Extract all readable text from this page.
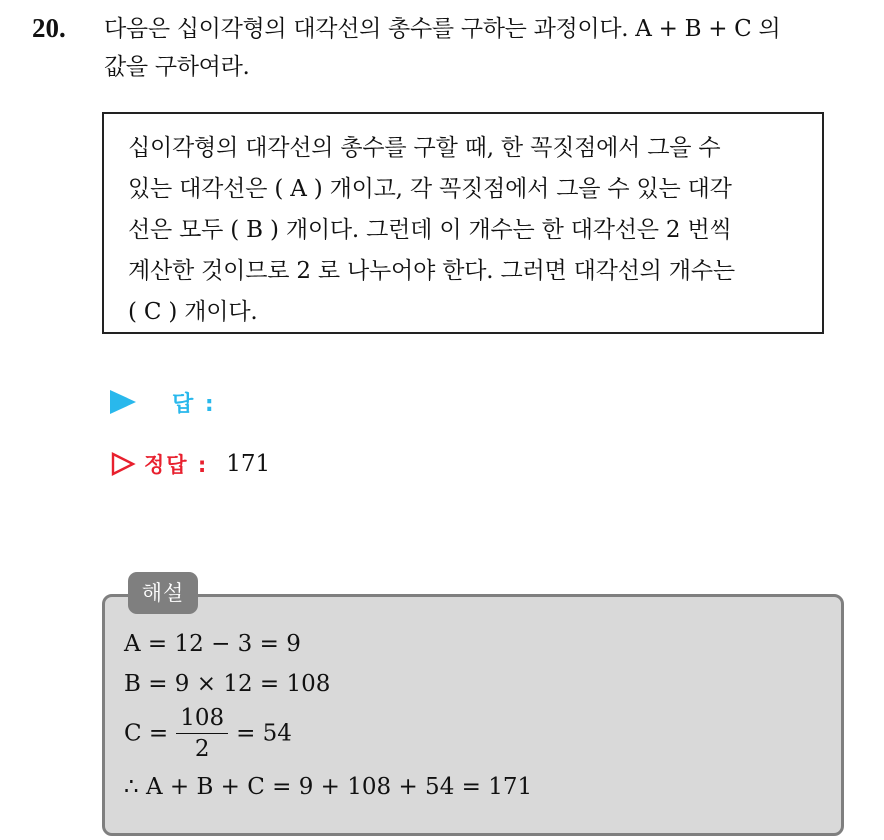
20. 다음은 십이각형의 대각선의 총수를 구하는 과정이다. A + B + C 의
값을 구하여라.
십이각형의 대각선의 총수를 구할 때, 한 꼭짓점에서 그을 수
있는 대각선은 ( A ) 개이고, 각 꼭짓점에서 그을 수 있는 대각
선은 모두 ( B ) 개이다. 그런데 이 개수는 한 대각선은 2 번씩
계산한 것이므로 2 로 나누어야 한다. 그러면 대각선의 개수는
( C ) 개이다.
답 :
정답 : 171
해설
A = 12 − 3 = 9
B = 9 × 12 = 108
$C = \frac{108}{2} = 54$
∴ A + B + C = 9 + 108 + 54 = 171
